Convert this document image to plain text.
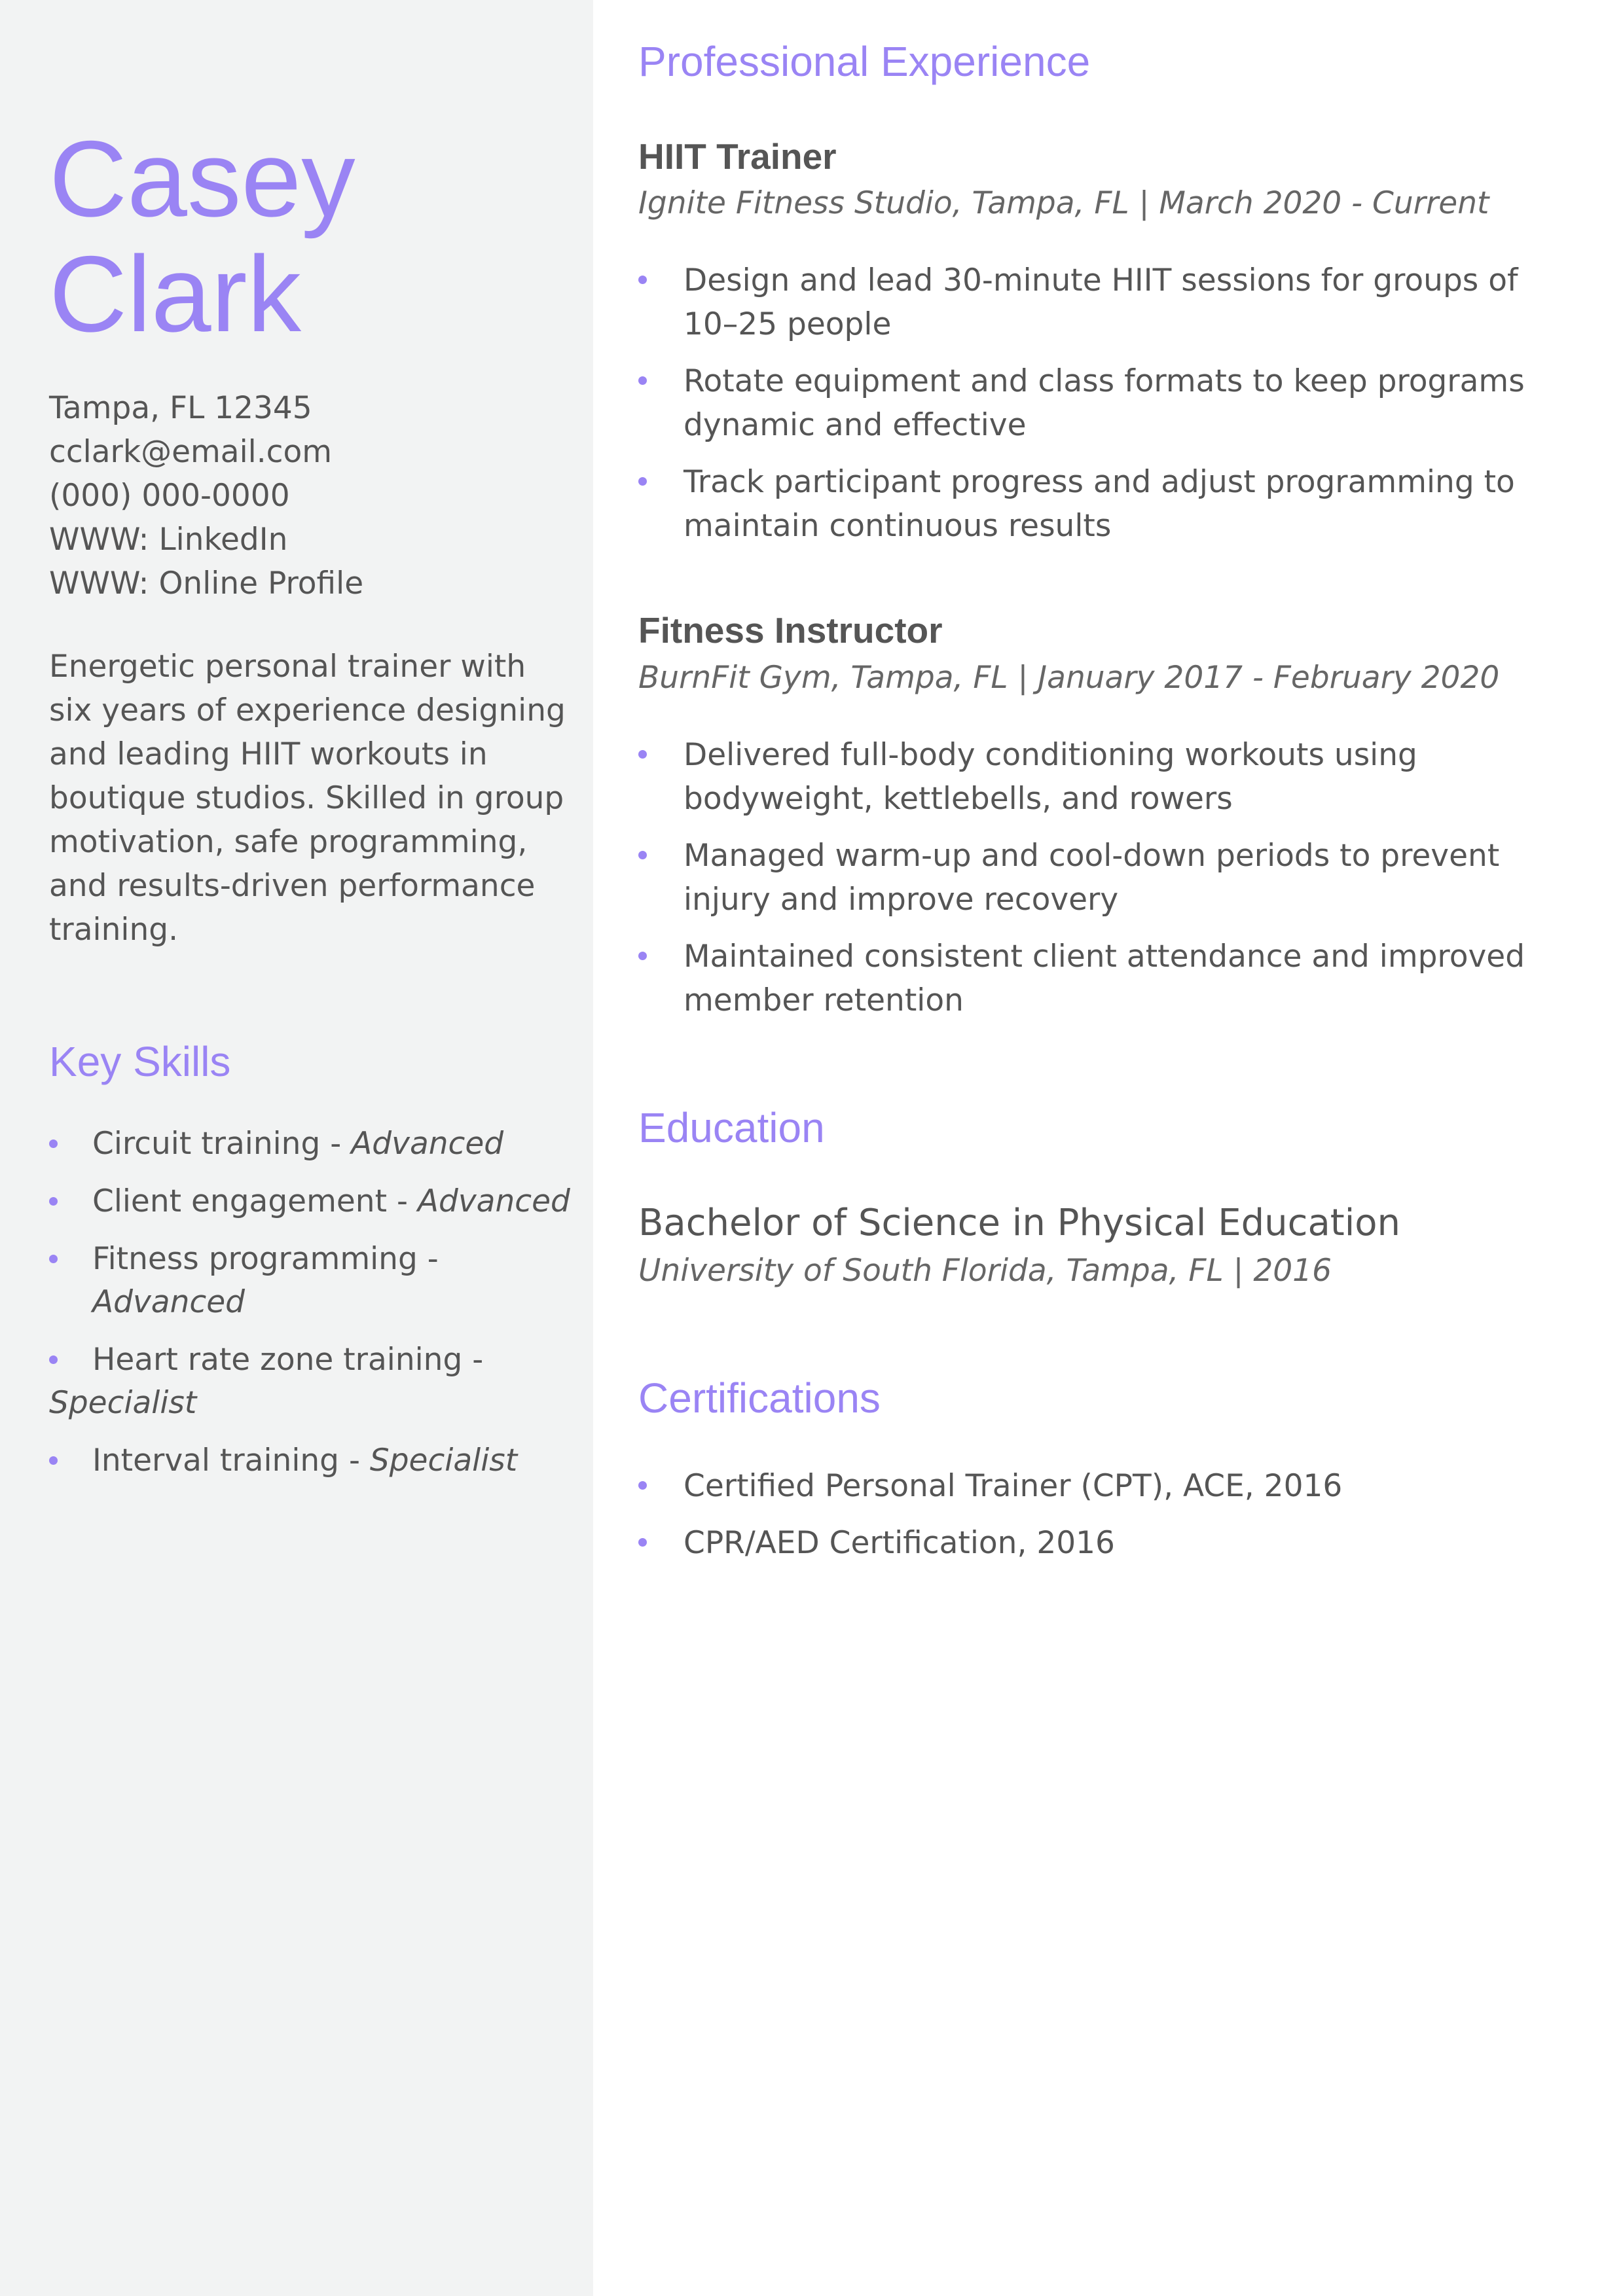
Casey
Clark
Tampa, FL 12345
cclark@email.com
(000) 000-0000
WWW: LinkedIn
WWW: Online Profile

Energetic personal trainer with six years of experience designing and leading HIIT workouts in boutique studios. Skilled in group motivation, safe programming, and results-driven performance training.

Key Skills
Circuit training - Advanced
Client engagement - Advanced
Fitness programming - Advanced
Heart rate zone training -
Specialist
Interval training - Specialist
Professional Experience
HIIT Trainer

Ignite Fitness Studio, Tampa, FL | March 2020 - Current

Design and lead 30-minute HIIT sessions for groups of 10–25 people
Rotate equipment and class formats to keep programs dynamic and effective
Track participant progress and adjust programming to maintain continuous results
Fitness Instructor

BurnFit Gym, Tampa, FL | January 2017 - February 2020

Delivered full-body conditioning workouts using bodyweight, kettlebells, and rowers
Managed warm-up and cool-down periods to prevent injury and improve recovery
Maintained consistent client attendance and improved member retention
Education

Bachelor of Science in Physical Education

University of South Florida, Tampa, FL | 2016

Certifications
Certified Personal Trainer (CPT), ACE, 2016
CPR/AED Certification, 2016
